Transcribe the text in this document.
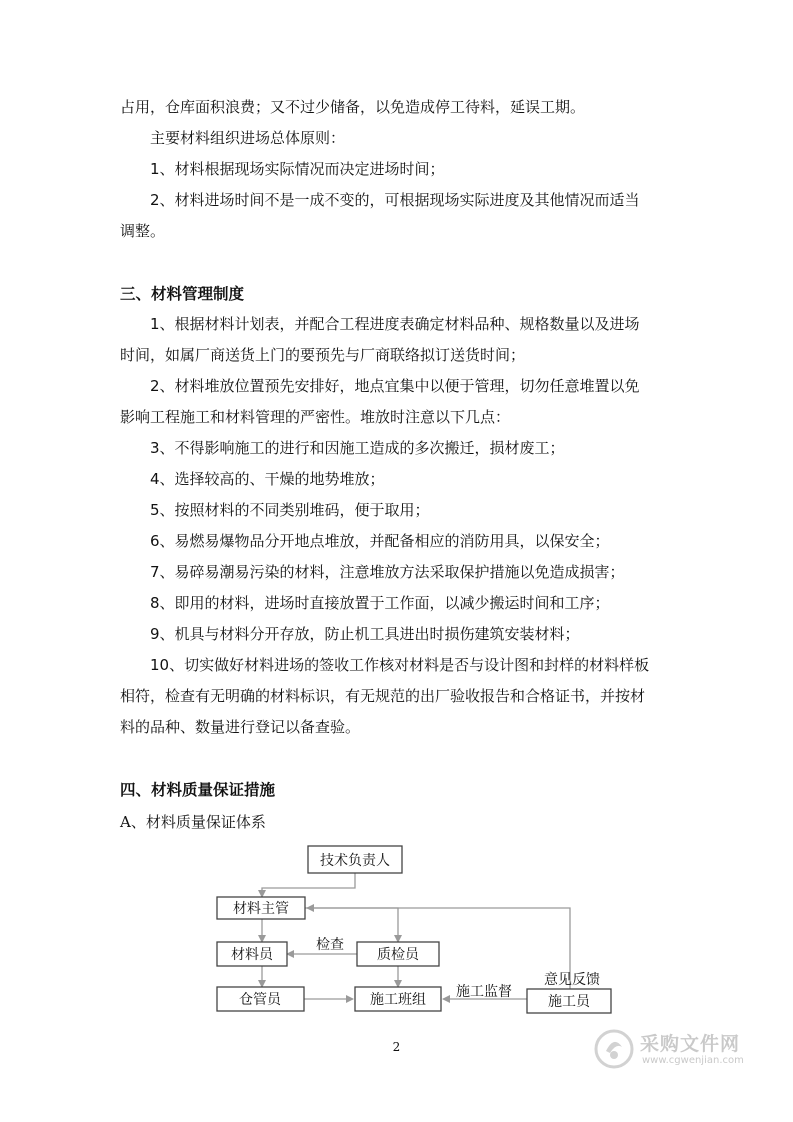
占用，仓库面积浪费；又不过少储备，以免造成停工待料，延误工期。
主要材料组织进场总体原则：
1、材料根据现场实际情况而决定进场时间；
2、材料进场时间不是一成不变的，可根据现场实际进度及其他情况而适当
调整。
三、材料管理制度
1、根据材料计划表，并配合工程进度表确定材料品种、规格数量以及进场
时间，如属厂商送货上门的要预先与厂商联络拟订送货时间；
2、材料堆放位置预先安排好，地点宜集中以便于管理，切勿任意堆置以免
影响工程施工和材料管理的严密性。堆放时注意以下几点：
3、不得影响施工的进行和因施工造成的多次搬迁，损材废工；
4、选择较高的、干燥的地势堆放；
5、按照材料的不同类别堆码，便于取用；
6、易燃易爆物品分开地点堆放，并配备相应的消防用具，以保安全；
7、易碎易潮易污染的材料，注意堆放方法采取保护措施以免造成损害；
8、即用的材料，进场时直接放置于工作面，以减少搬运时间和工序；
9、机具与材料分开存放，防止机工具进出时损伤建筑安装材料；
10、切实做好材料进场的签收工作核对材料是否与设计图和封样的材料样板
相符，检查有无明确的材料标识，有无规范的出厂验收报告和合格证书，并按材
料的品种、数量进行登记以备查验。
四、材料质量保证措施
A、材料质量保证体系
技术负责人
材料主管
材料员	质检员
仓管员	施工班组	施工员
检查
施工监督
意见反馈
2	采购文件网
www.cgwenjian.com
